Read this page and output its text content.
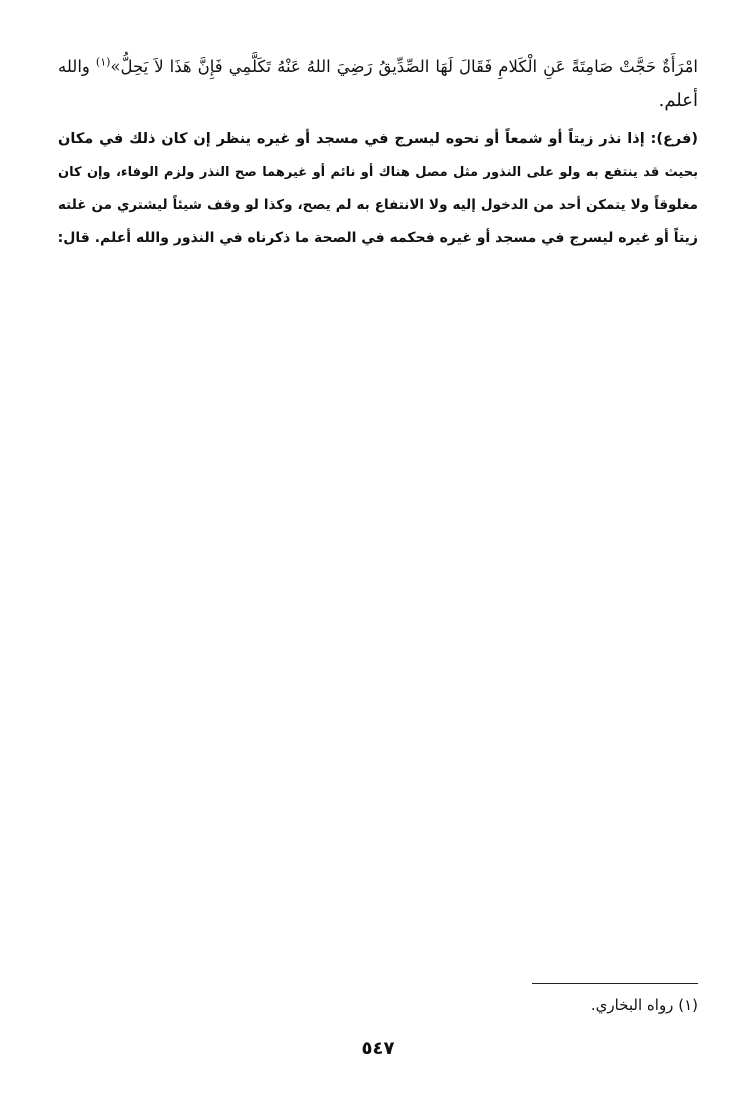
امْرَأَةٌ حَجَّتْ صَامِتَةً عَنِ الْكَلامِ فَقَالَ لَهَا الصِّدِّيقُ رَضِيَ اللهُ عَنْهُ تَكَلَّمِي فَإِنَّ هَذَا لاَ يَحِلُّ»$^{(١)}$ والله
أعلم.
(فرع): إذا نذر زيتاً أو شمعاً أو نحوه ليسرج في مسجد أو غيره ينظر إن كان ذلك في مكان
بحيث قد ينتفع به ولو على النذور مثل مصل هناك أو نائم أو غيرهما صح النذر ولزم الوفاء، وإن كان
مغلوقاً ولا يتمكن أحد من الدخول إليه ولا الانتفاع به لم يصح، وكذا لو وقف شيئاً ليشتري من غلته
زيتاً أو غيره ليسرج في مسجد أو غيره فحكمه في الصحة ما ذكرناه في النذور والله أعلم. قال:
(١) رواه البخاري.
٥٤٧
